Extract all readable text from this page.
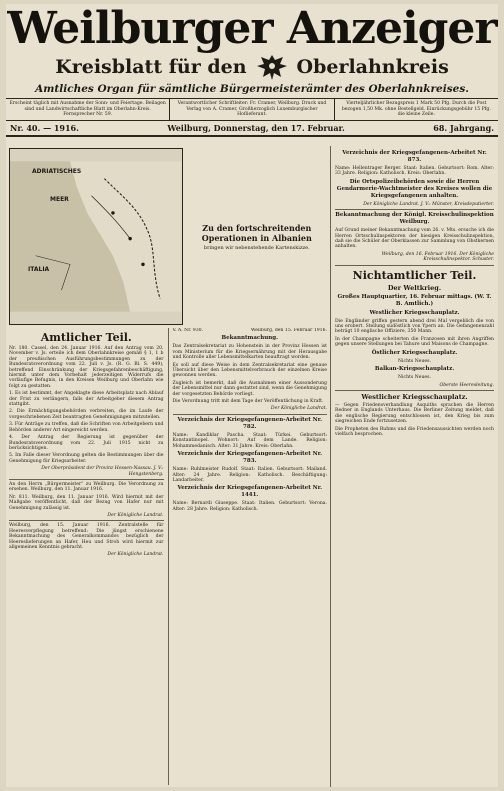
Weilburger Anzeiger
Kreisblatt für den	Oberlahnkreis
Amtliches Organ für sämtliche Bürgermeisterämter des Oberlahnkreises.
Erscheint täglich mit Ausnahme der Sonn- und Feiertage. Beilagen sind und Landwirtschaftliche Blatt im Oberlahn-Kreis. Fernsprecher Nr. 59.
Verantwortlicher Schriftleiter: Fr. Cramer, Weilburg. Druck und Verlag von A. Cramer, Großherzoglich Luxemburgischer Hoflieferant.
Vierteljährlicher Bezugspreis 1 Mark 50 Pfg. Durch die Post bezogen 1,50 Mk. ohne Bestellgeld. Einrückungsgebühr 15 Pfg. die kleine Zeile.
Nr. 40. — 1916.	Weilburg, Donnerstag, den 17. Februar.	68. Jahrgang.
ADRIATISCHES
MEER
ITALIA
Zu den fortschreitenden Operationen in Albanien
bringen wir nebenstehende Kartenskizze.
Amtlicher Teil.

Nr. 180. Cassel, den 24. Januar 1916. Auf den Antrag vom 20. November v. Js. erteile ich dem Oberlahnkreise gemäß § 1, 1 b der preußischen Ausführungsbestimmungen zu der Bundesratsverordnung vom 22. Juli v. Js. (R. G. Bl. S. 449), betreffend Einschränkung der Kriegsgefahrenbeschäftigung, hiermit unter dem Vorbehalt jederzeitigen Widerrufs die vorläufige Befugnis, in den Kreisen Weilburg und Oberlahn wie folgt zu gestatten.

1. Es ist bestimmt, der Angeklagte diese Arbeitsplatz nach Ablauf der Frist zu verlängern, falls der Arbeitgeber diesem Antrag stattgibt.

2. Die Ermächtigungsbehörden verbreiten, die im Laufe der vorgeschriebenen Zeit beantragten Genehmigungen mitzuteilen.

3. Für Anträge zu treffen, daß die Schriften von Arbeitgebern und Behörden anderer Art eingereicht werden.

4. Der Antrag der Regierung ist gegenüber der Bundesratsverordnung vom 22. Juli 1915 nicht zu berücksichtigen.

5. Im Falle dieser Verordnung gelten die Bestimmungen über die Genehmigung für Kriegsarbeiter.

Der Oberpräsident der Provinz Hessen-Nassau. J. V.: Hengstenberg.

An den Herrn „Bürgermeister“ zu Weilburg. Die Verordnung zu ersehen. Weilburg, den 11. Januar 1916.

Nr. 811. Weilburg, den 11. Januar 1916. Wird hiermit mit der Maßgabe veröffentlicht, daß der Bezug von Hafer nur mit Genehmigung zulässig ist.

Der Königliche Landrat.

Weilburg, den 15. Januar 1916. Zentralstelle für Heeresverpflegung betreffend: Die jüngst erschienene Bekanntmachung des Generalkommandos bezüglich der Heereslieferungen an Hafer, Heu und Stroh wird hiermit zur allgemeinen Kenntnis gebracht.

Der Königliche Landrat.
V. A. Nr. 930.	Weilburg, den 15. Februar 1916.
Bekanntmachung.

Das Zentralsekretariat zu Hohenstein in der Provinz Hessen ist vom Ministerium für die Kriegsernährung mit der Herausgabe und Kontrolle aller Lebensmittelkarten beauftragt worden.

Es soll auf diese Weise in dem Zentralsekretariat eine genaue Übersicht über den Lebensmittelverbrauch der einzelnen Kreise gewonnen werden.

Zugleich ist bemerkt, daß die Ausnahmen einer Aussonderung der Lebensmittel nur dann gestattet sind, wenn die Genehmigung der vorgesetzten Behörde vorliegt.

Die Verordnung tritt mit dem Tage der Veröffentlichung in Kraft.

Der Königliche Landrat.
Verzeichnis der Kriegsgefangenen-Arbeitet Nr. 782.

Name: Kandiklar Pascha. Staat: Türkei. Geburtsort: Konstantinopel. Wohnort: Auf dem Lande. Religion: Mohammedanisch. Alter: 31 Jahre. Kreis: Oberlahn.

Verzeichnis der Kriegsgefangenen-Arbeitet Nr. 783.

Name: Ruhlmeister Rudolf. Staat: Italien. Geburtsort: Mailand. Alter: 24 Jahre. Religion: Katholisch. Beschäftigung: Landarbeiter.

Verzeichnis der Kriegsgefangenen-Arbeitet Nr. 1441.

Name: Bernardi Giuseppe. Staat: Italien. Geburtsort: Verona. Alter: 28 Jahre. Religion: Katholisch.

Verzeichnis der Kriegsgefangenen-Arbeitet Nr. 873.

Name: Hellentrager Berger. Staat: Italien. Geburtsort: Rom. Alter: 33 Jahre. Religion: Katholisch. Kreis: Oberlahn.

Die Ortspolizeibehörden sowie die Herren Gendarmerie-Wachtmeister des Kreises wollen die Kriegsgefangenen anhalten.
Der Königliche Landrat. J. V.: Münster, Kreisdeputierter.
Bekanntmachung der Königl. Kreisschulinspektion Weilburg.

Auf Grund meiner Bekanntmachung vom 26. v. Mts. ersuche ich die Herren Ortsschulinspektoren der hiesigen Kreisschulinspektion, daß sie die Schüler der Oberklassen zur Sammlung von Obstkernen anhalten.

Weilburg, den 16. Februar 1916. Der Königliche Kreisschulinspektor. Schuster.
Nichtamtlicher Teil.
Der Weltkrieg.
Großes Hauptquartier, 16. Februar mittags. (W. T. B. Amtlich.)
Westlicher Kriegsschauplatz.

Die Engländer griffen gestern abend drei Mal vergeblich die von uns erobert. Stellung südöstlich von Ypern an. Die Gefangenenzahl beträgt 10 englische Offiziere, 350 Mann.

In der Champagne scheiterten die Franzosen mit ihren Angriffen gegen unsere Stellungen bei Tahure und Maisons de Champagne.

Östlicher Kriegsschauplatz.

Nichts Neues.

Balkan-Kriegsschauplatz.

Nichts Neues.

Oberste Heeresleitung.
Westlicher Kriegsschauplatz.

— Gegen Friedensverhandlung Asquiths sprachen die Herren Redner in Englands Unterhaus. Die Berliner Zeitung meldet, daß die englische Regierung entschlossen ist, den Krieg bis zum siegreichen Ende fortzusetzen.

Die Propheten des Ruhms und die Friedensaussichten werden noch vielfach besprochen.
